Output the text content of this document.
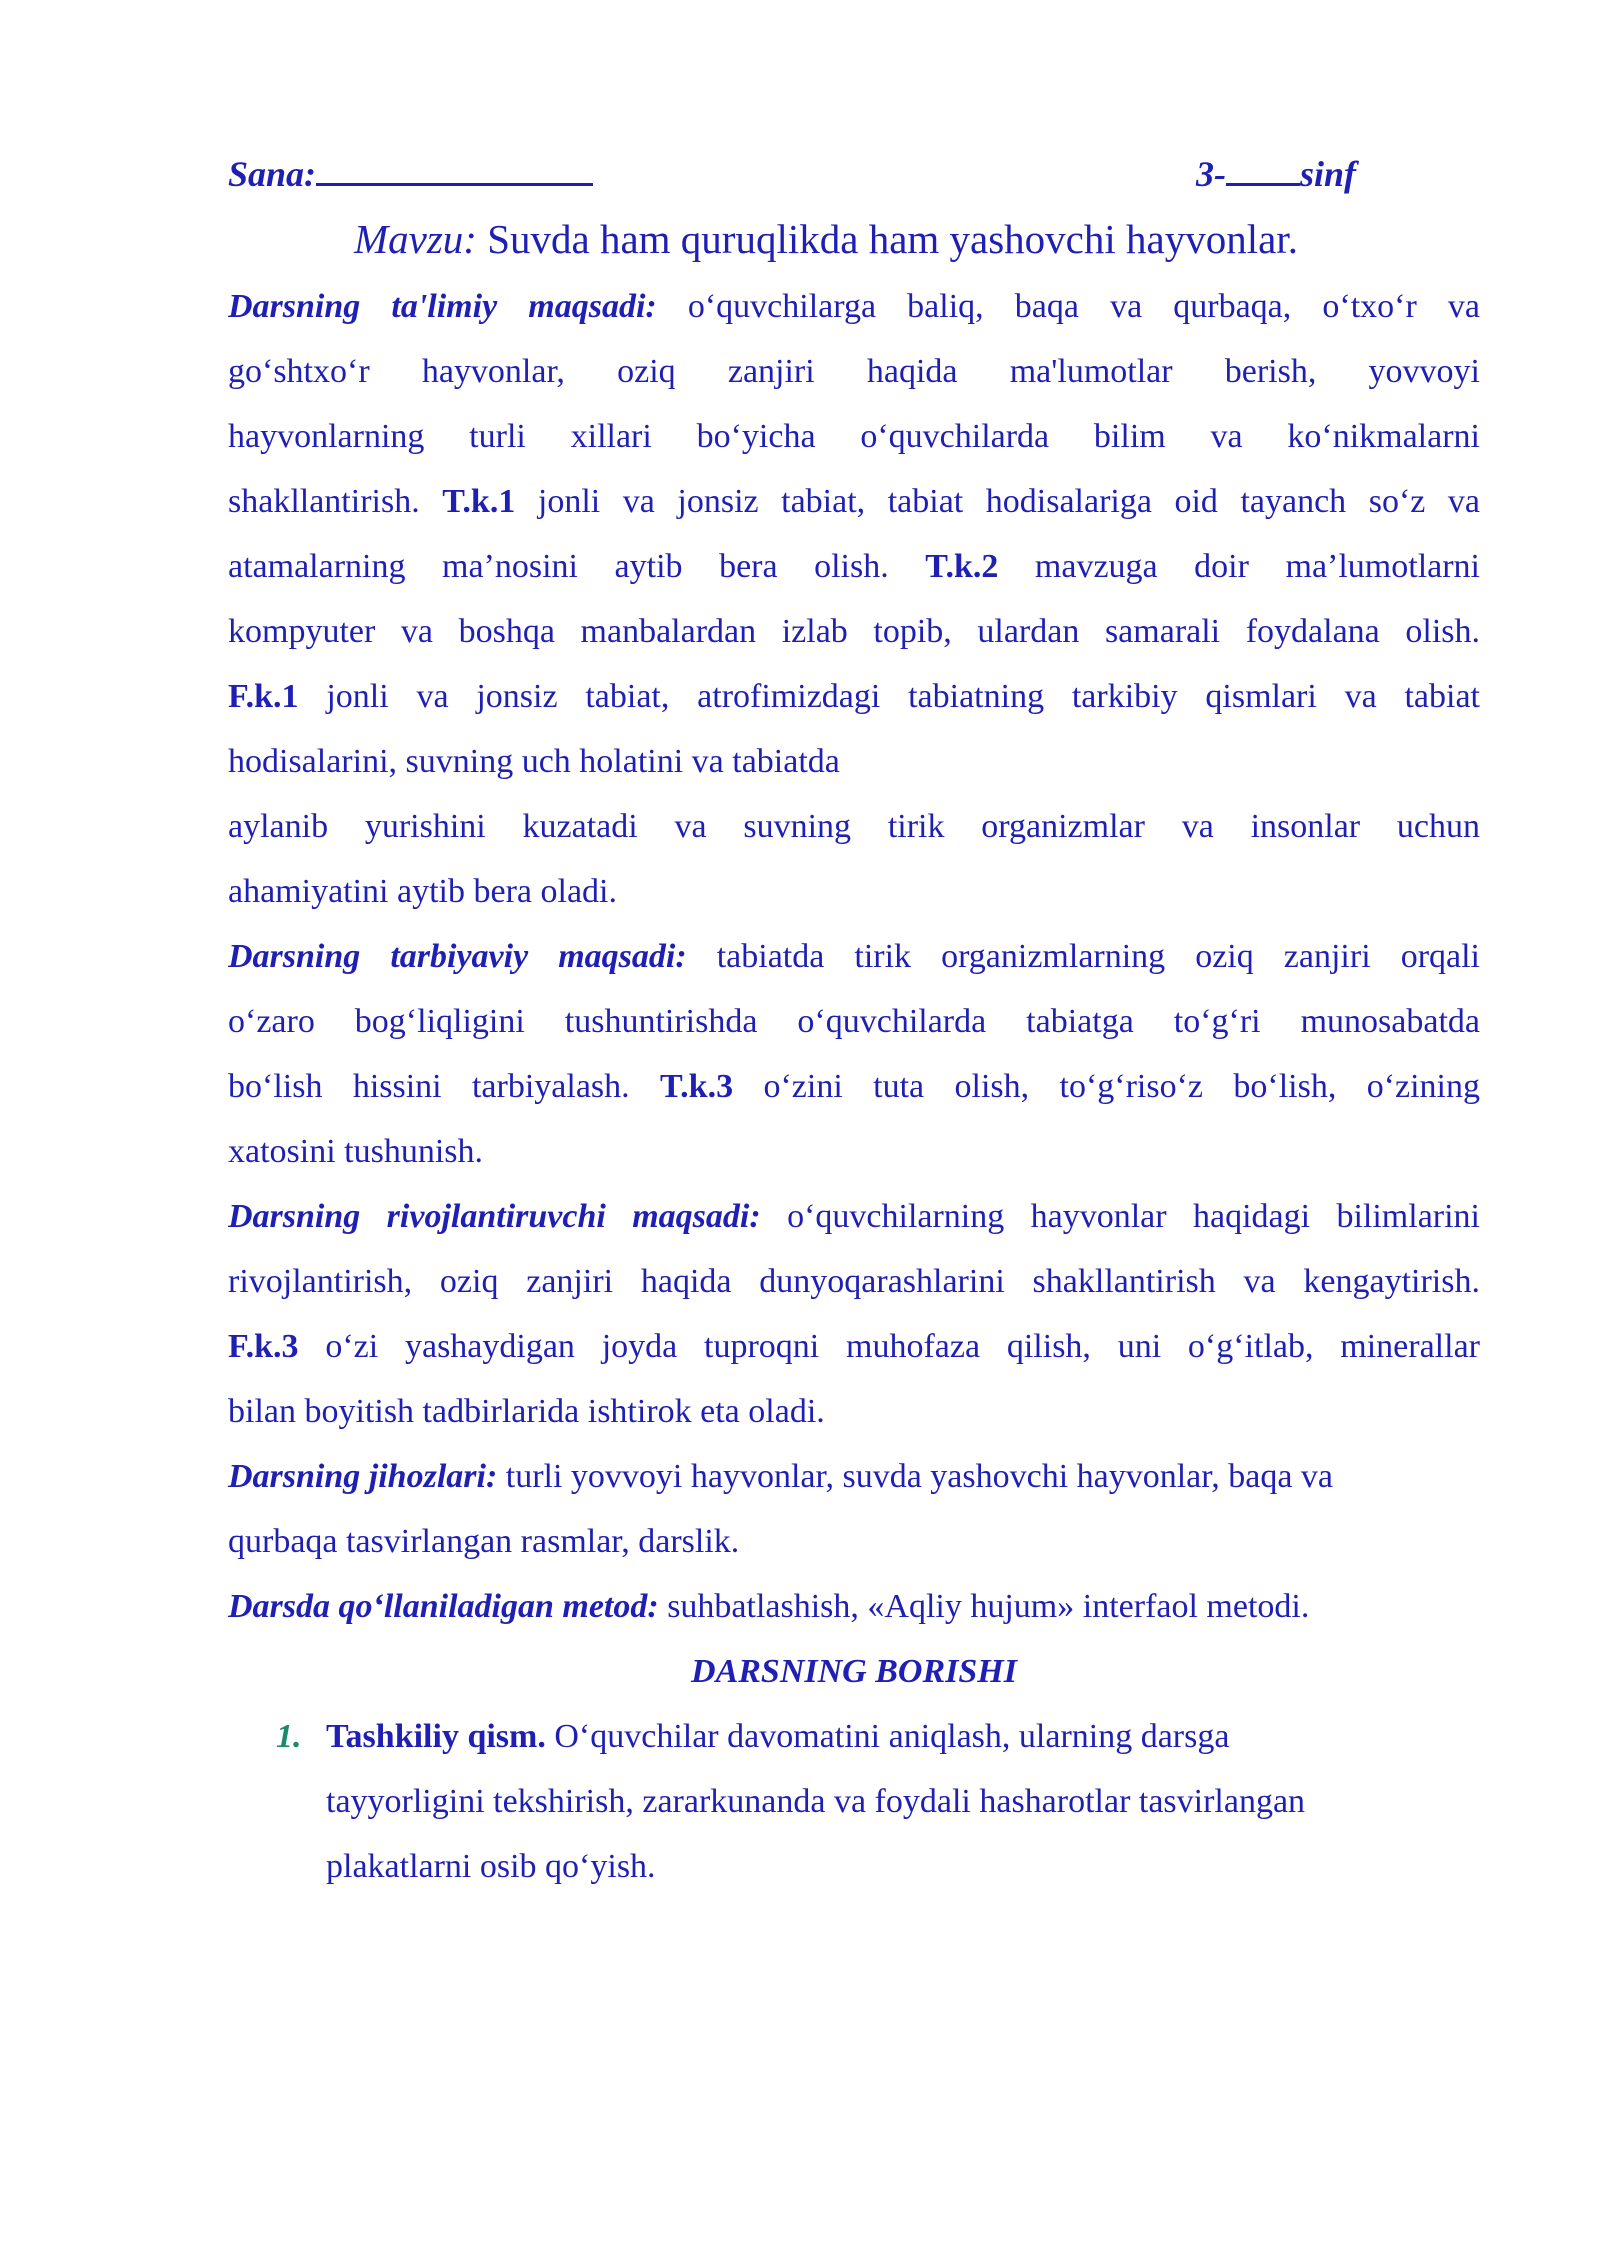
Sana:	3- sinf
Mavzu: Suvda ham quruqlikda ham yashovchi hayvonlar.
Darsning ta'limiy maqsadi: o‘quvchilarga baliq, baqa va qurbaqa, o‘txo‘r va
go‘shtxo‘r hayvonlar, oziq zanjiri haqida ma'lumotlar berish, yovvoyi
hayvonlarning turli xillari bo‘yicha o‘quvchilarda bilim va ko‘nikmalarni
shakllantirish. T.k.1 jonli va jonsiz tabiat, tabiat hodisalariga oid tayanch so‘z va
atamalarning ma’nosini aytib bera olish. T.k.2 mavzuga doir ma’lumotlarni
kompyuter va boshqa manbalardan izlab topib, ulardan samarali foydalana olish.
F.k.1 jonli va jonsiz tabiat, atrofimizdagi tabiatning tarkibiy qismlari va tabiat
hodisalarini, suvning uch holatini va tabiatda
aylanib yurishini kuzatadi va suvning tirik organizmlar va insonlar uchun
ahamiyatini aytib bera oladi.
Darsning tarbiyaviy maqsadi: tabiatda tirik organizmlarning oziq zanjiri orqali
o‘zaro bog‘liqligini tushuntirishda o‘quvchilarda tabiatga to‘g‘ri munosabatda
bo‘lish hissini tarbiyalash. T.k.3 o‘zini tuta olish, to‘g‘riso‘z bo‘lish, o‘zining
xatosini tushunish.
Darsning rivojlantiruvchi maqsadi: o‘quvchilarning hayvonlar haqidagi bilimlarini
rivojlantirish, oziq zanjiri haqida dunyoqarashlarini shakllantirish va kengaytirish.
F.k.3 o‘zi yashaydigan joyda tuproqni muhofaza qilish, uni o‘g‘itlab, minerallar
bilan boyitish tadbirlarida ishtirok eta oladi.
Darsning jihozlari: turli yovvoyi hayvonlar, suvda yashovchi hayvonlar, baqa va
qurbaqa tasvirlangan rasmlar, darslik.
Darsda qo‘llaniladigan metod: suhbatlashish, «Aqliy hujum» interfaol metodi.
DARSNING BORISHI
1. Tashkiliy qism. O‘quvchilar davomatini aniqlash, ularning darsga
tayyorligini tekshirish, zararkunanda va foydali hasharotlar tasvirlangan
plakatlarni osib qo‘yish.
